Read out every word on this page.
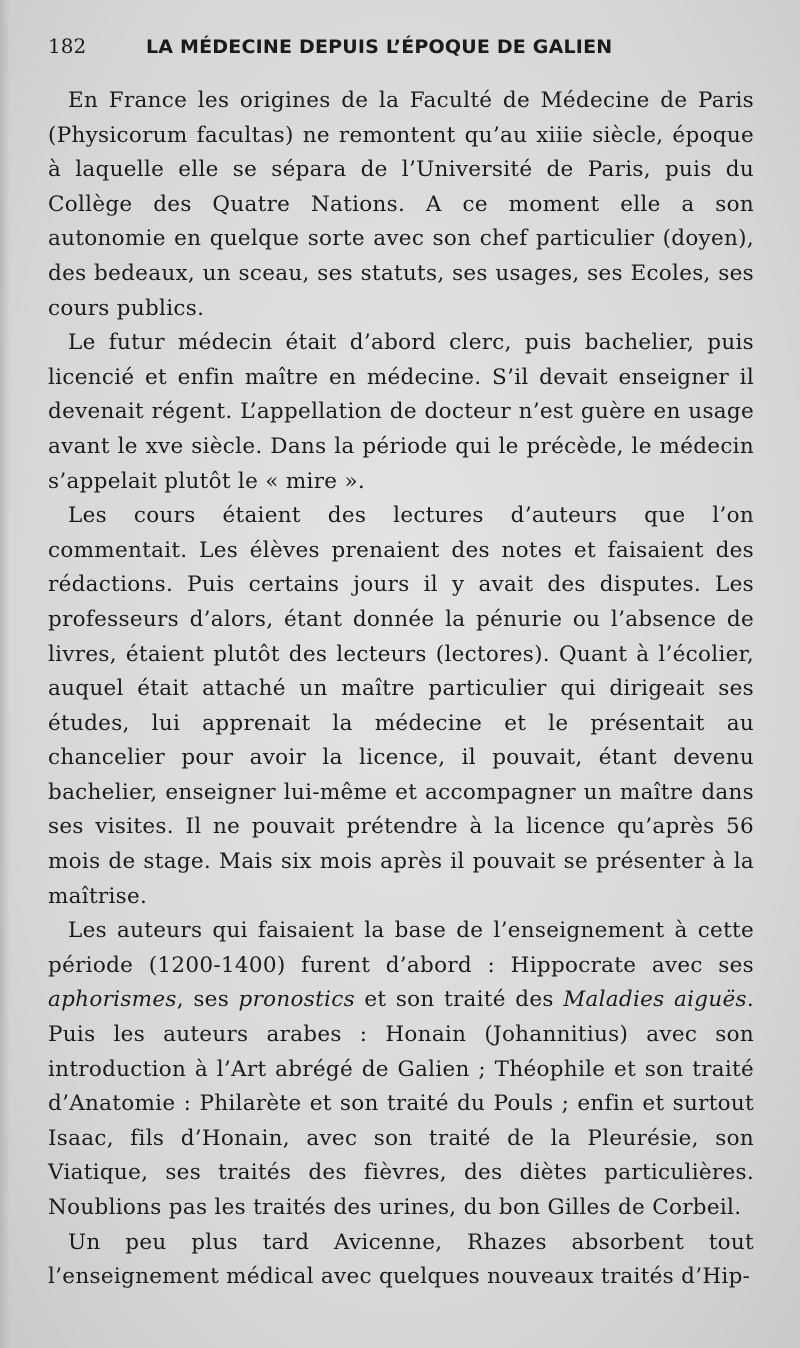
182	LA MÉDECINE DEPUIS L’ÉPOQUE DE GALIEN

En France les origines de la Faculté de Médecine de Paris (Physicorum facultas) ne remontent qu’au xiiie siècle, époque à laquelle elle se sépara de l’Université de Paris, puis du Collège des Quatre Nations. A ce moment elle a son autonomie en quelque sorte avec son chef particulier (doyen), des bedeaux, un sceau, ses statuts, ses usages, ses Ecoles, ses cours publics.

Le futur médecin était d’abord clerc, puis bachelier, puis licencié et enfin maître en médecine. S’il devait enseigner il devenait régent. L’appellation de docteur n’est guère en usage avant le xve siècle. Dans la période qui le précède, le médecin s’appelait plutôt le « mire ».

Les cours étaient des lectures d’auteurs que l’on commentait. Les élèves prenaient des notes et faisaient des rédactions. Puis certains jours il y avait des disputes. Les professeurs d’alors, étant donnée la pénurie ou l’absence de livres, étaient plutôt des lecteurs (lectores). Quant à l’écolier, auquel était attaché un maître particulier qui dirigeait ses études, lui apprenait la médecine et le présentait au chancelier pour avoir la licence, il pouvait, étant devenu bachelier, enseigner lui-même et accompagner un maître dans ses visites. Il ne pouvait prétendre à la licence qu’après 56 mois de stage. Mais six mois après il pouvait se présenter à la maîtrise.

Les auteurs qui faisaient la base de l’enseignement à cette période (1200-1400) furent d’abord : Hippocrate avec ses aphorismes, ses pronostics et son traité des Maladies aiguës. Puis les auteurs arabes : Honain (Johannitius) avec son introduction à l’Art abrégé de Galien ; Théophile et son traité d’Anatomie : Philarète et son traité du Pouls ; enfin et surtout Isaac, fils d’Honain, avec son traité de la Pleurésie, son Viatique, ses traités des fièvres, des diètes particulières. Noublions pas les traités des urines, du bon Gilles de Corbeil.

Un peu plus tard Avicenne, Rhazes absorbent tout l’enseignement médical avec quelques nouveaux traités d’Hip-
